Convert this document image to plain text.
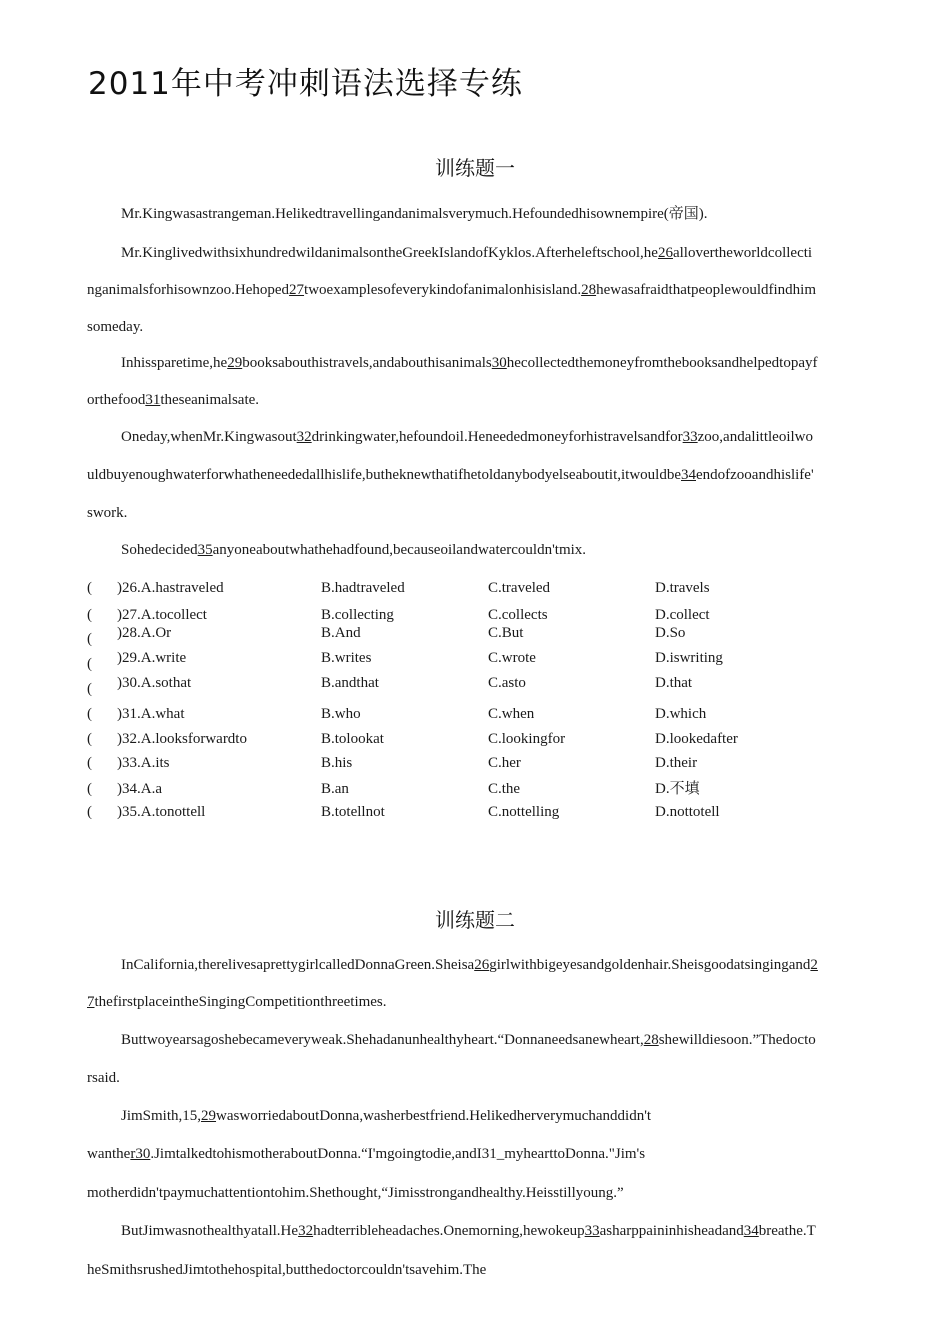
2011年中考冲刺语法选择专练
训练题一
Mr.Kingwasastrangeman.Helikedtravellingandanimalsverymuch.Hefoundedhisownempire(帝国).
Mr.KinglivedwithsixhundredwildanimalsontheGreekIslandofKyklos.Afterheleftschool,he26allovertheworldcollecti
nganimalsforhisownzoo.Hehoped27twoexamplesofeverykindofanimalonhisisland.28hewasafraidthatpeoplewouldfindhim
someday.
Inhissparetime,he29booksabouthistravels,andabouthisanimals30hecollectedthemoneyfromthebooksandhelpedtopayf
orthefood31theseanimalsate.
Oneday,whenMr.Kingwasout32drinkingwater,hefoundoil.Heneededmoneyforhistravelsandfor33zoo,andalittleoilwo
uldbuyenoughwaterforwhatheneededallhislife,butheknewthatifhetoldanybodyelseaboutit,itwouldbe34endofzooandhislife'
swork.
Sohedecided35anyoneaboutwhathehadfound,becauseoilandwatercouldn'tmix.
( )26.A.hastraveled	B.hadtraveled	C.traveled	D.travels
( )27.A.tocollect	B.collecting	C.collects	D.collect
( )28.A.Or	B.And	C.But	D.So
( )29.A.write	B.writes	C.wrote	D.iswriting
( )30.A.sothat	B.andthat	C.asto	D.that
( )31.A.what	B.who	C.when	D.which
( )32.A.looksforwardto	B.tolookat	C.lookingfor	D.lookedafter
( )33.A.its	B.his	C.her	D.their
( )34.A.a	B.an	C.the	D.不填
( )35.A.tonottell	B.totellnot	C.nottelling	D.nottotell
训练题二
InCalifornia,therelivesaprettygirlcalledDonnaGreen.Sheisa26girlwithbigeyesandgoldenhair.Sheisgoodatsingingand2
7thefirstplaceintheSingingCompetitionthreetimes.
Buttwoyearsagoshebecameveryweak.Shehadanunhealthyheart.“Donnaneedsanewheart,28shewilldiesoon.”Thedocto
rsaid.
JimSmith,15,29wasworriedaboutDonna,washerbestfriend.Helikedherverymuchanddidn't
wanther30.JimtalkedtohismotheraboutDonna.“I'mgoingtodie,andI31_myhearttoDonna."Jim's
motherdidn'tpaymuchattentiontohim.Shethought,“Jimisstrongandhealthy.Heisstillyoung.”
ButJimwasnothealthyatall.He32hadterribleheadaches.Onemorning,hewokeup33asharppaininhisheadand34breathe.T
heSmithsrushedJimtothehospital,butthedoctorcouldn'tsavehim.The
